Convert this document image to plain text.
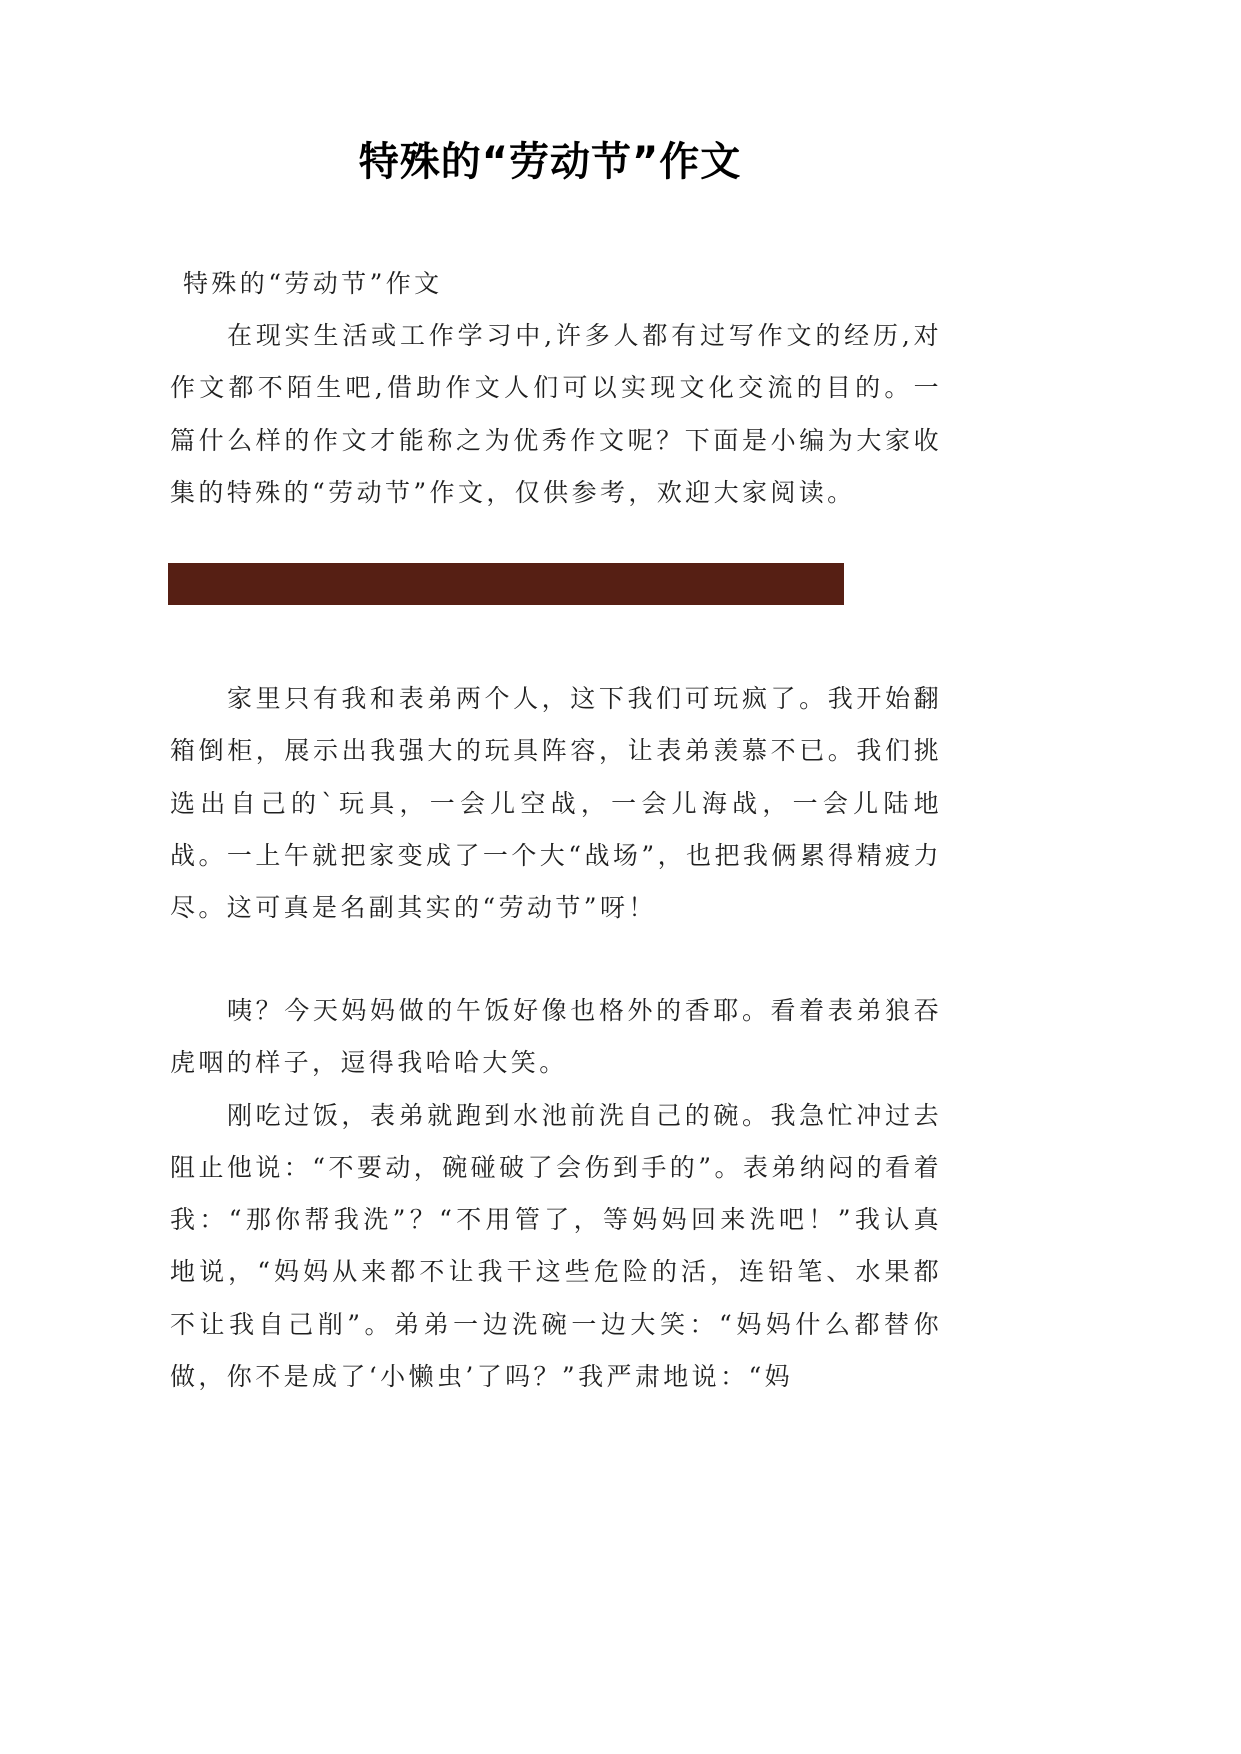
特殊的“劳动节”作文
特殊的“劳动节”作文

在现实生活或工作学习中,许多人都有过写作文的经历,对作文都不陌生吧,借助作文人们可以实现文化交流的目的。一篇什么样的作文才能称之为优秀作文呢？下面是小编为大家收集的特殊的“劳动节”作文，仅供参考，欢迎大家阅读。

家里只有我和表弟两个人，这下我们可玩疯了。我开始翻箱倒柜，展示出我强大的玩具阵容，让表弟羡慕不已。我们挑选出自己的`玩具，一会儿空战，一会儿海战，一会儿陆地战。一上午就把家变成了一个大“战场”，也把我俩累得精疲力尽。这可真是名副其实的“劳动节”呀！

咦？今天妈妈做的午饭好像也格外的香耶。看着表弟狼吞虎咽的样子，逗得我哈哈大笑。

刚吃过饭，表弟就跑到水池前洗自己的碗。我急忙冲过去阻止他说：“不要动，碗碰破了会伤到手的”。表弟纳闷的看着我：“那你帮我洗”？“不用管了，等妈妈回来洗吧！”我认真地说，“妈妈从来都不让我干这些危险的活，连铅笔、水果都不让我自己削”。弟弟一边洗碗一边大笑：“妈妈什么都替你做，你不是成了‘小懒虫’了吗？”我严肃地说：“妈
